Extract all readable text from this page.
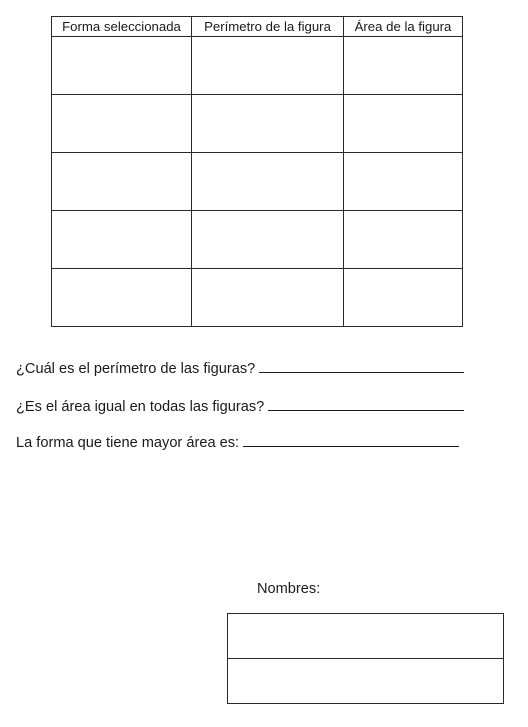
Forma seleccionada	Perímetro de la figura	Área de la figura

¿Cuál es el perímetro de las figuras?
¿Es el área igual en todas las figuras?
La forma que tiene mayor área es:
Nombres:
